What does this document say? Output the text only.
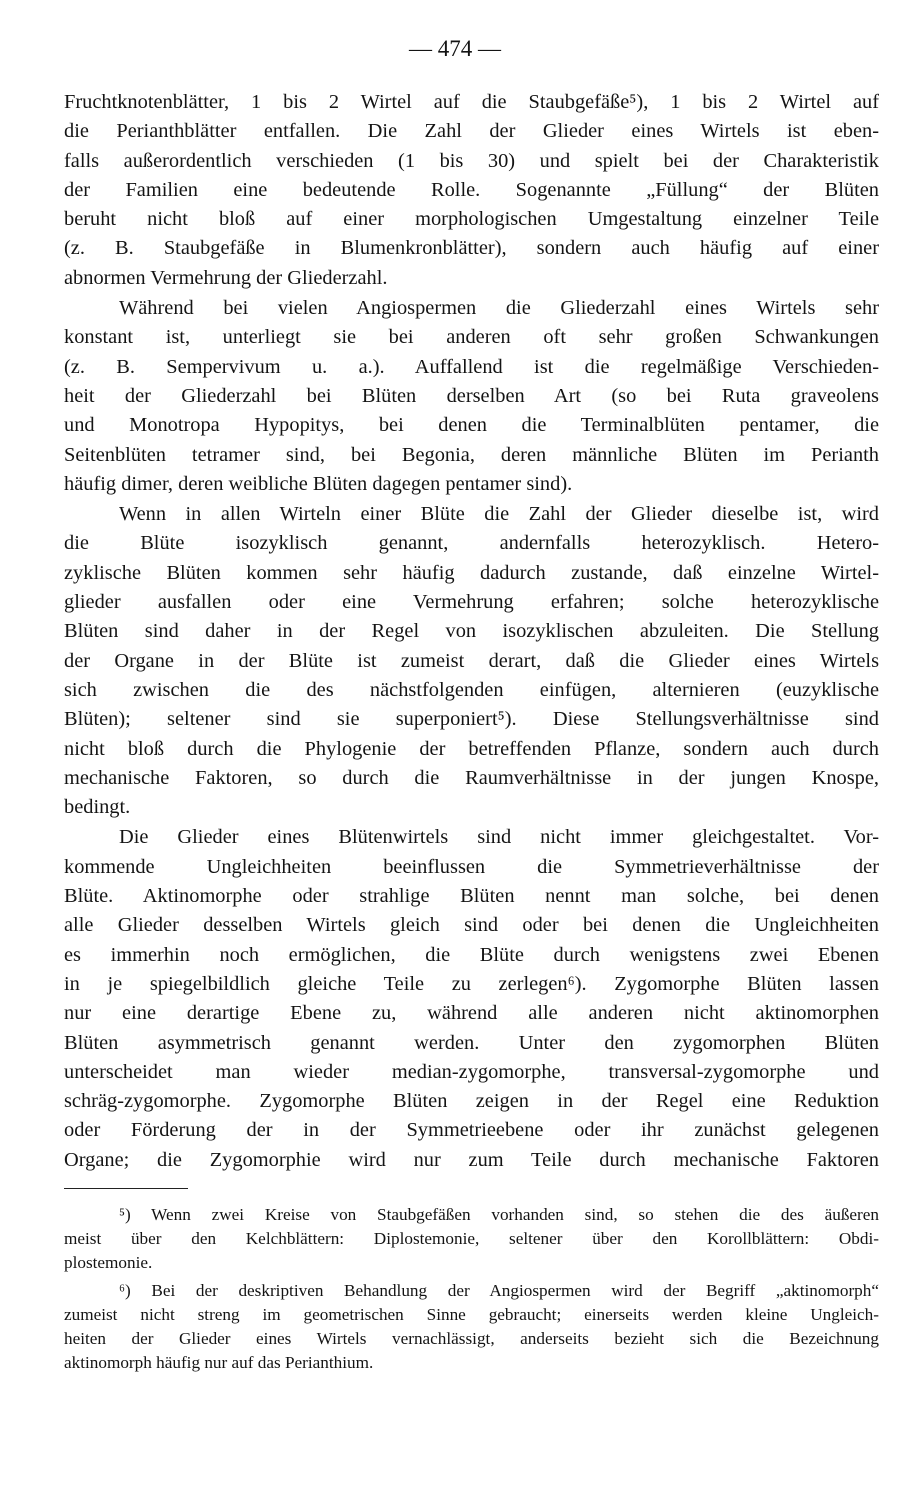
— 474 —
Fruchtknotenblätter, 1 bis 2 Wirtel auf die Staubgefäße⁵), 1 bis 2 Wirtel auf
die Perianthblätter entfallen. Die Zahl der Glieder eines Wirtels ist eben-
falls außerordentlich verschieden (1 bis 30) und spielt bei der Charakteristik
der Familien eine bedeutende Rolle. Sogenannte „Füllung“ der Blüten
beruht nicht bloß auf einer morphologischen Umgestaltung einzelner Teile
(z. B. Staubgefäße in Blumenkronblätter), sondern auch häufig auf einer
abnormen Vermehrung der Gliederzahl.
Während bei vielen Angiospermen die Gliederzahl eines Wirtels sehr
konstant ist, unterliegt sie bei anderen oft sehr großen Schwankungen
(z. B. Sempervivum u. a.). Auffallend ist die regelmäßige Verschieden-
heit der Gliederzahl bei Blüten derselben Art (so bei Ruta graveolens
und Monotropa Hypopitys, bei denen die Terminalblüten pentamer, die
Seitenblüten tetramer sind, bei Begonia, deren männliche Blüten im Perianth
häufig dimer, deren weibliche Blüten dagegen pentamer sind).
Wenn in allen Wirteln einer Blüte die Zahl der Glieder dieselbe ist, wird
die Blüte isozyklisch genannt, andernfalls heterozyklisch. Hetero-
zyklische Blüten kommen sehr häufig dadurch zustande, daß einzelne Wirtel-
glieder ausfallen oder eine Vermehrung erfahren; solche heterozyklische
Blüten sind daher in der Regel von isozyklischen abzuleiten. Die Stellung
der Organe in der Blüte ist zumeist derart, daß die Glieder eines Wirtels
sich zwischen die des nächstfolgenden einfügen, alternieren (euzyklische
Blüten); seltener sind sie superponiert⁵). Diese Stellungsverhältnisse sind
nicht bloß durch die Phylogenie der betreffenden Pflanze, sondern auch durch
mechanische Faktoren, so durch die Raumverhältnisse in der jungen Knospe,
bedingt.
Die Glieder eines Blütenwirtels sind nicht immer gleichgestaltet. Vor-
kommende Ungleichheiten beeinflussen die Symmetrieverhältnisse der
Blüte. Aktinomorphe oder strahlige Blüten nennt man solche, bei denen
alle Glieder desselben Wirtels gleich sind oder bei denen die Ungleichheiten
es immerhin noch ermöglichen, die Blüte durch wenigstens zwei Ebenen
in je spiegelbildlich gleiche Teile zu zerlegen⁶). Zygomorphe Blüten lassen
nur eine derartige Ebene zu, während alle anderen nicht aktinomorphen
Blüten asymmetrisch genannt werden. Unter den zygomorphen Blüten
unterscheidet man wieder median-zygomorphe, transversal-zygomorphe und
schräg-zygomorphe. Zygomorphe Blüten zeigen in der Regel eine Reduktion
oder Förderung der in der Symmetrieebene oder ihr zunächst gelegenen
Organe; die Zygomorphie wird nur zum Teile durch mechanische Faktoren
⁵) Wenn zwei Kreise von Staubgefäßen vorhanden sind, so stehen die des äußeren
meist über den Kelchblättern: Diplostemonie, seltener über den Korollblättern: Obdi-
plostemonie.
⁶) Bei der deskriptiven Behandlung der Angiospermen wird der Begriff „aktinomorph“
zumeist nicht streng im geometrischen Sinne gebraucht; einerseits werden kleine Ungleich-
heiten der Glieder eines Wirtels vernachlässigt, anderseits bezieht sich die Bezeichnung
aktinomorph häufig nur auf das Perianthium.
